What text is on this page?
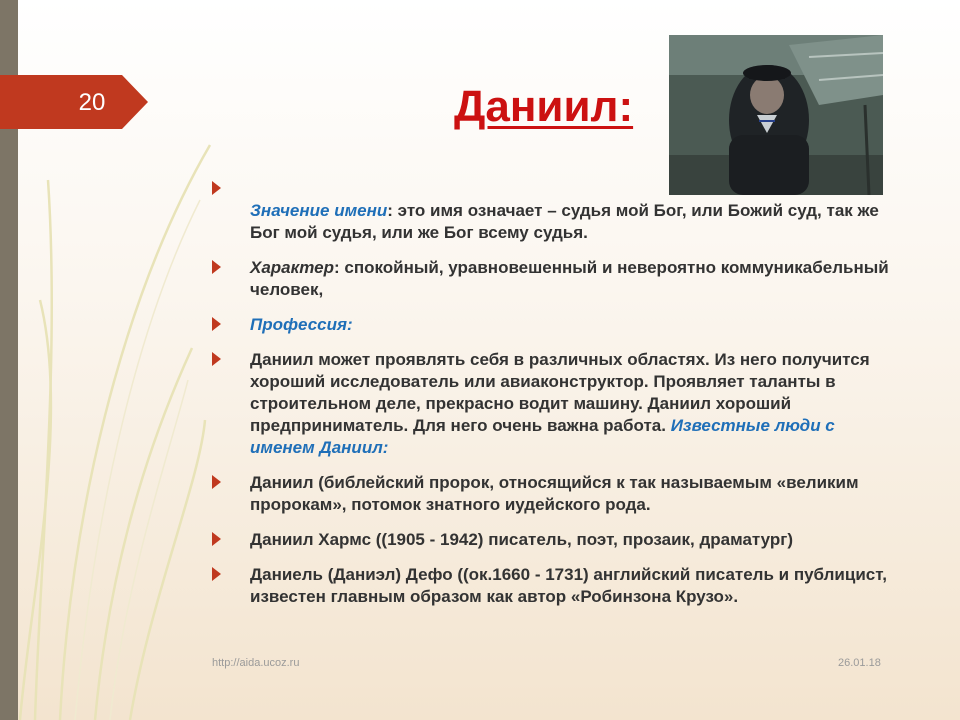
20	Даниил:
Значение имени: это имя означает – судья мой Бог, или Божий суд, так же Бог мой судья, или же Бог всему судья.
Характер: спокойный, уравновешенный и невероятно коммуникабельный человек,
Профессия:
Даниил может проявлять себя в различных областях. Из него получится хороший исследователь или авиаконструктор. Проявляет таланты в строительном деле, прекрасно водит машину. Даниил хороший предприниматель. Для него очень важна работа. Известные люди с именем Даниил:
Даниил (библейский пророк, относящийся к так называемым «великим пророкам», потомок знатного иудейского рода.
Даниил Хармс ((1905 - 1942) писатель, поэт, прозаик, драматург)
Даниель (Даниэл) Дефо ((ок.1660 - 1731) английский писатель и публицист, известен главным образом как автор «Робинзона Крузо».
http://aida.ucoz.ru	26.01.18
